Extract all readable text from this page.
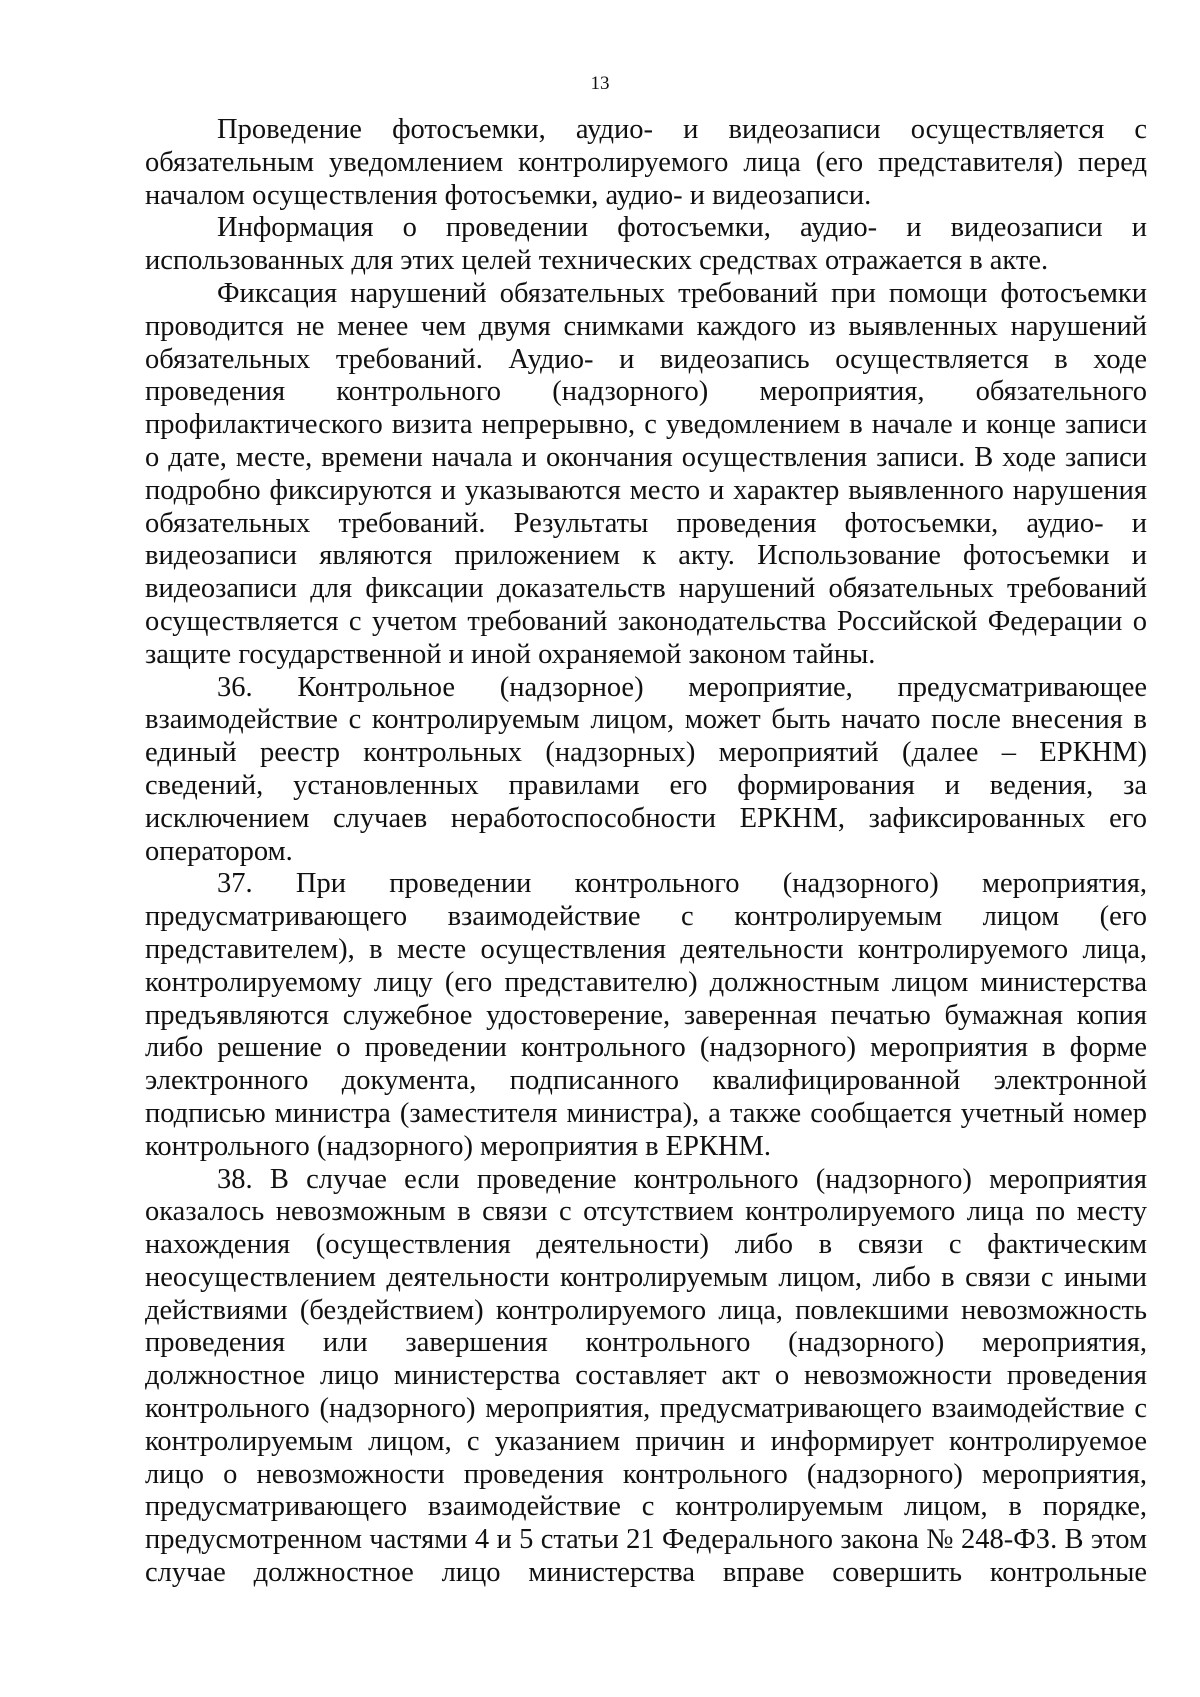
13

Проведение фотосъемки, аудио- и видеозаписи осуществляется с обязательным уведомлением контролируемого лица (его представителя) перед началом осуществления фотосъемки, аудио- и видеозаписи.

Информация о проведении фотосъемки, аудио- и видеозаписи и использованных для этих целей технических средствах отражается в акте.

Фиксация нарушений обязательных требований при помощи фотосъемки проводится не менее чем двумя снимками каждого из выявленных нарушений обязательных требований. Аудио- и видеозапись осуществляется в ходе проведения контрольного (надзорного) мероприятия, обязательного профилактического визита непрерывно, с уведомлением в начале и конце записи о дате, месте, времени начала и окончания осуществления записи. В ходе записи подробно фиксируются и указываются место и характер выявленного нарушения обязательных требований. Результаты проведения фотосъемки, аудио- и видеозаписи являются приложением к акту. Использование фотосъемки и видеозаписи для фиксации доказательств нарушений обязательных требований осуществляется с учетом требований законодательства Российской Федерации о защите государственной и иной охраняемой законом тайны.

36. Контрольное (надзорное) мероприятие, предусматривающее взаимодействие с контролируемым лицом, может быть начато после внесения в единый реестр контрольных (надзорных) мероприятий (далее – ЕРКНМ) сведений, установленных правилами его формирования и ведения, за исключением случаев неработоспособности ЕРКНМ, зафиксированных его оператором.

37. При проведении контрольного (надзорного) мероприятия, предусматривающего взаимодействие с контролируемым лицом (его представителем), в месте осуществления деятельности контролируемого лица, контролируемому лицу (его представителю) должностным лицом министерства предъявляются служебное удостоверение, заверенная печатью бумажная копия либо решение о проведении контрольного (надзорного) мероприятия в форме электронного документа, подписанного квалифицированной электронной подписью министра (заместителя министра), а также сообщается учетный номер контрольного (надзорного) мероприятия в ЕРКНМ.

38. В случае если проведение контрольного (надзорного) мероприятия оказалось невозможным в связи с отсутствием контролируемого лица по месту нахождения (осуществления деятельности) либо в связи с фактическим неосуществлением деятельности контролируемым лицом, либо в связи с иными действиями (бездействием) контролируемого лица, повлекшими невозможность проведения или завершения контрольного (надзорного) мероприятия, должностное лицо министерства составляет акт о невозможности проведения контрольного (надзорного) мероприятия, предусматривающего взаимодействие с контролируемым лицом, с указанием причин и информирует контролируемое лицо о невозможности проведения контрольного (надзорного) мероприятия, предусматривающего взаимодействие с контролируемым лицом, в порядке, предусмотренном частями 4 и 5 статьи 21 Федерального закона № 248-ФЗ. В этом случае должностное лицо министерства вправе совершить контрольные
